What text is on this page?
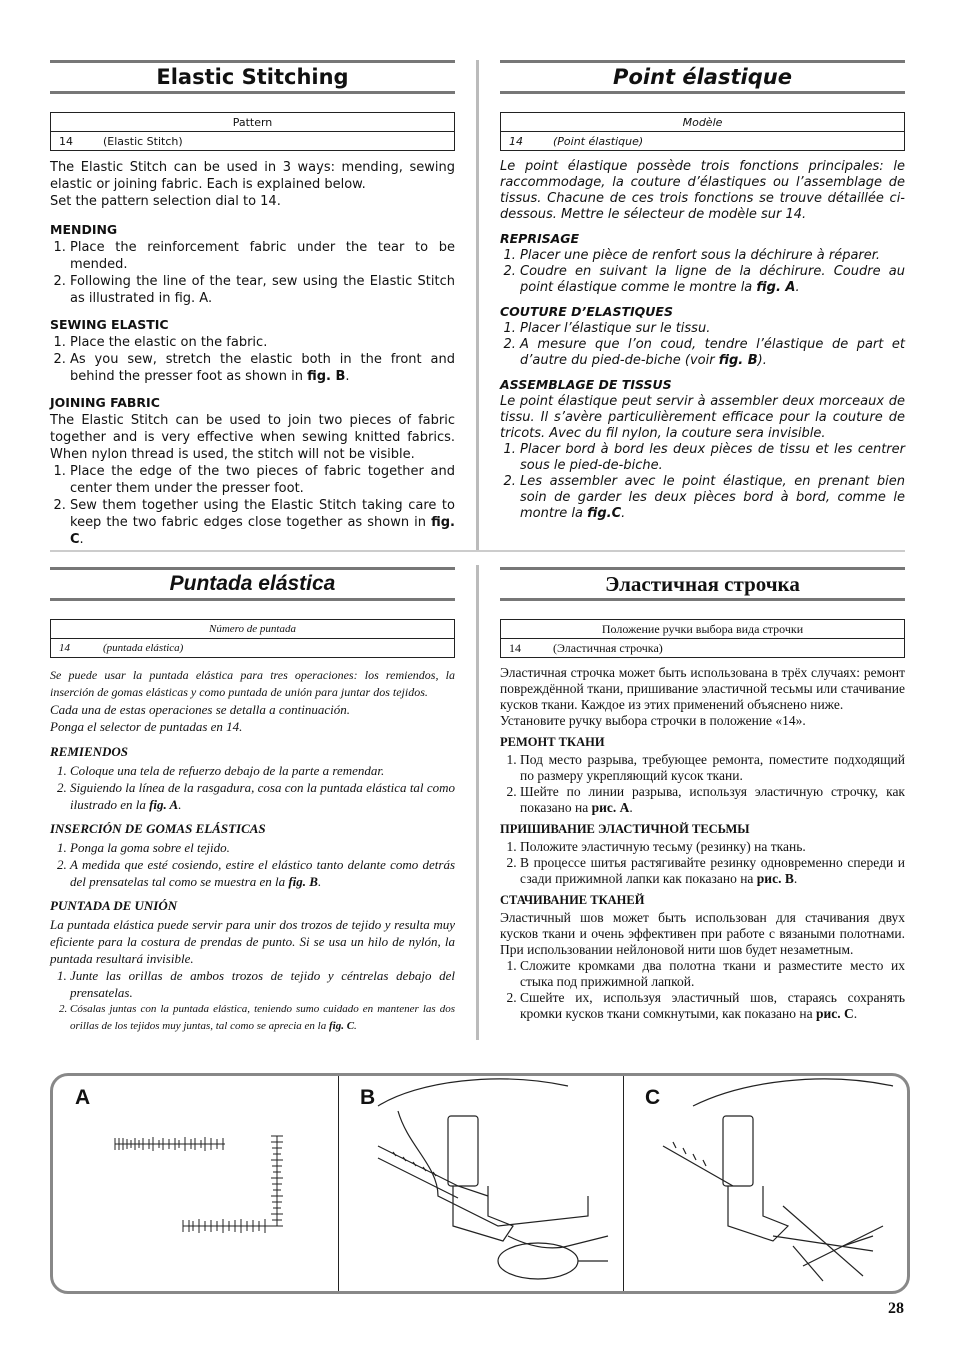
Elastic Stitching
Pattern
14	(Elastic Stitch)

The Elastic Stitch can be used in 3 ways: mending, sewing elastic or joining fabric. Each is explained below.
Set the pattern selection dial to 14.

MENDING
1. Place the reinforcement fabric under the tear to be mended.
2. Following the line of the tear, sew using the Elastic Stitch as illustrated in fig. A.
SEWING ELASTIC
1. Place the elastic on the fabric.
2. As you sew, stretch the elastic both in the front and behind the presser foot as shown in fig. B.
JOINING FABRIC

The Elastic Stitch can be used to join two pieces of fabric together and is very effective when sewing knitted fabrics. When nylon thread is used, the stitch will not be visible.

1. Place the edge of the two pieces of fabric together and center them under the presser foot.
2. Sew them together using the Elastic Stitch taking care to keep the two fabric edges close together as shown in fig. C.
Point élastique
Modèle
14	(Point élastique)

Le point élastique possède trois fonctions principales: le raccommodage, la couture d’élastiques ou l’assemblage de tissus. Chacune de ces trois fonctions se trouve détaillée ci-dessous. Mettre le sélecteur de modèle sur 14.

REPRISAGE
1. Placer une pièce de renfort sous la déchirure à réparer.
2. Coudre en suivant la ligne de la déchirure. Coudre au point élastique comme le montre la fig. A.
COUTURE D’ELASTIQUES
1. Placer l’élastique sur le tissu.
2. A mesure que l’on coud, tendre l’élastique de part et d’autre du pied-de-biche (voir fig. B).
ASSEMBLAGE DE TISSUS

Le point élastique peut servir à assembler deux morceaux de tissu. Il s’avère particulièrement efficace pour la couture de tricots. Avec du fil nylon, la couture sera invisible.

1. Placer bord à bord les deux pièces de tissu et les centrer sous le pied-de-biche.
2. Les assembler avec le point élastique, en prenant bien soin de garder les deux pièces bord à bord, comme le montre la fig.C.
Puntada elástica
Número de puntada
14	(puntada elástica)

Se puede usar la puntada elástica para tres operaciones: los remiendos, la inserción de gomas elásticas y como puntada de unión para juntar dos tejidos.

Cada una de estas operaciones se detalla a continuación.
Ponga el selector de puntadas en 14.

REMIENDOS
1. Coloque una tela de refuerzo debajo de la parte a remendar.
2. Siguiendo la línea de la rasgadura, cosa con la puntada elástica tal como ilustrado en la fig. A.
INSERCIÓN DE GOMAS ELÁSTICAS
1. Ponga la goma sobre el tejido.
2. A medida que esté cosiendo, estire el elástico tanto delante como detrás del prensatelas tal como se muestra en la fig. B.
PUNTADA DE UNIÓN

La puntada elástica puede servir para unir dos trozos de tejido y resulta muy eficiente para la costura de prendas de punto. Si se usa un hilo de nylón, la puntada resultará invisible.

1. Junte las orillas de ambos trozos de tejido y céntrelas debajo del prensatelas.
2. Cósalas juntas con la puntada elástica, teniendo sumo cuidado en mantener las dos orillas de los tejidos muy juntas, tal como se aprecia en la fig. C.
Эластичная строчка
Положение ручки выбора вида строчки
14	(Эластичная строчка)

Эластичная строчка может быть использована в трёх случаях: ремонт повреждённой ткани, пришивание эластичной тесьмы или стачивание кусков ткани. Каждое из этих применений объяснено ниже.
Установите ручку выбора строчки в положение «14».

РЕМОНТ ТКАНИ
1. Под место разрыва, требующее ремонта, поместите подходящий по размеру укрепляющий кусок ткани.
2. Шейте по линии разрыва, используя эластичную строчку, как показано на рис. А.
ПРИШИВАНИЕ ЭЛАСТИЧНОЙ ТЕСЬМЫ
1. Положите эластичную тесьму (резинку) на ткань.
2. В процессе шитья растягивайте резинку одновременно спереди и сзади прижимной лапки как показано на рис. B.
СТАЧИВАНИЕ ТКАНЕЙ

Эластичный шов может быть использован для стачивания двух кусков ткани и очень эффективен при работе с вязаными полотнами. При использовании нейлоновой нити шов будет незаметным.

1. Сложите кромками два полотна ткани и разместите место их стыка под прижимной лапкой.
2. Сшейте их, используя эластичный шов, стараясь сохранять кромки кусков ткани сомкнутыми, как показано на рис. C.
A	B	C
28
